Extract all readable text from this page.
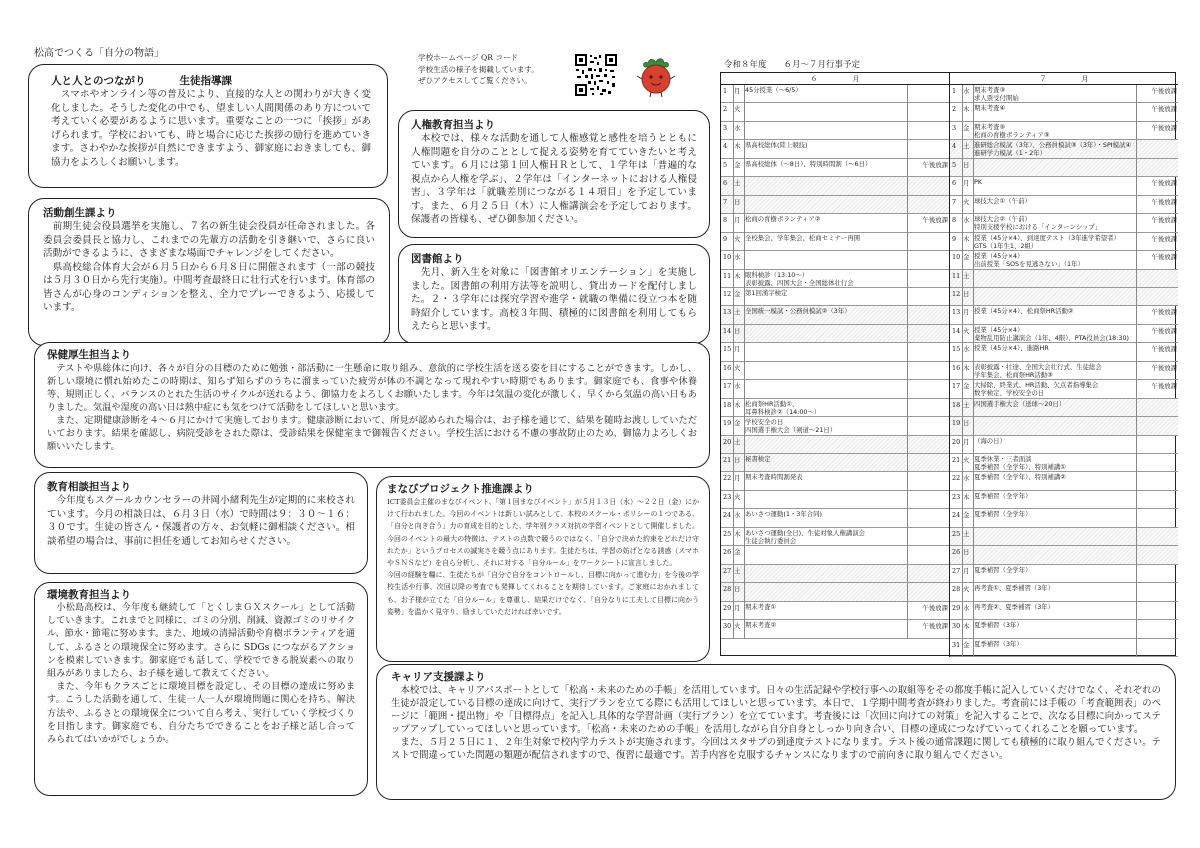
松高でつくる「自分の物語」	学校ホームページ QR コード
学校生活の様子を掲載しています。
ぜひアクセスしてご覧ください。
人と人とのつながり	生徒指導課
　スマホやオンライン等の普及により、直接的な人との関わりが大きく変化しました。そうした変化の中でも、望ましい人間関係のあり方について考えていく必要があるように思います。重要なことの一つに「挨拶」があげられます。学校においても、時と場合に応じた挨拶の励行を進めていきます。さわやかな挨拶が自然にできますよう、御家庭におきましても、御協力をよろしくお願いします。
活動創生課より
　前期生徒会役員選挙を実施し、７名の新生徒会役員が任命されました。各委員会委員長と協力し、これまでの先輩方の活動を引き継いで、さらに良い活動ができるように、さまざまな場面でチャレンジをしてください。
　県高校総合体育大会が６月５日から６月８日に開催されます（一部の競技は５月３０日から先行実施）。中間考査最終日に壮行式を行います。体育部の皆さんが心身のコンディションを整え、全力でプレーできるよう、応援しています。
人権教育担当より
　本校では、様々な活動を通して人権感覚と感性を培うとともに人権問題を自分のこととして捉える姿勢を育てていきたいと考えています。６月には第１回人権ＨＲとして、１学年は「普遍的な視点から人権を学ぶ」、２学年は「インターネットにおける人権侵害」、３学年は「就職差別につながる１４項目」を予定しています。また、６月２５日（木）に人権講演会を予定しております。保護者の皆様も、ぜひ御参加ください。
図書館より
　先月、新入生を対象に「図書館オリエンテーション」を実施しました。図書館の利用方法等を説明し、貸出カードを配付しました。２・３学年には探究学習や進学・就職の準備に役立つ本を随時紹介しています。高校３年間、積極的に図書館を利用してもらえたらと思います。
保健厚生担当より
　テストや県総体に向け、各々が自分の目標のために勉強・部活動に一生懸命に取り組み、意欲的に学校生活を送る姿を目にすることができます。しかし、新しい環境に慣れ始めたこの時期は、知らず知らずのうちに溜まっていた疲労が体の不調となって現れやすい時期でもあります。御家庭でも、食事や休養等、規則正しく、バランスのとれた生活のサイクルが送れるよう、御協力をよろしくお願いたします。今年は気温の変化が激しく、早くから気温の高い日もありました。気温や湿度の高い日は熱中症にも気をつけて活動をしてほしいと思います。
　また、定期健康診断を４～６月にかけて実施しております。健康診断において、所見が認められた場合は、お子様を通じて、結果を随時お渡ししていただいております。結果を確認し、病院受診をされた際は、受診結果を保健室まで御報告ください。学校生活における不慮の事故防止のため、御協力よろしくお願いいたします。
教育相談担当より
　今年度もスクールカウンセラーの井岡小緒利先生が定期的に来校されています。今月の相談日は、６月３日（水）で時間は９：３０～１６：３０です。生徒の皆さん・保護者の方々、お気軽に御相談ください。相談希望の場合は、事前に担任を通してお知らせください。
まなびプロジェクト推進課より
ICT委員会主催のまなびイベント、「第１回まなびイベント」が５月１３日（水）～２２日（金）にかけて行われました。今回のイベントは新しい試みとして、本校のスクール・ポリシーの１つである、「自分と向き合う」力の育成を目的とした、学年別クラス対抗の学習イベントとして開催しました。今回のイベントの最大の特徴は、テストの点数で競うのではなく、「自分で決めた約束をどれだけ守れたか」というプロセスの誠実さを競う点にあります。生徒たちは、学習の妨げとなる誘惑（スマホやＳＮＳなど）を自ら分析し、それに対する「自分ルール」をワークシートに宣言しました。
今回の経験を糧に、生徒たちが「自分で自分をコントロールし、目標に向かって進む力」を今後の学校生活や行事、次回以降の考査でも発揮してくれることを期待しています。ご家庭におかれましても、お子様が立てた「自分ルール」を尊重し、結果だけでなく、「自分なりに工夫して目標に向かう姿勢」を温かく見守り、励ましていただければ幸いです。
環境教育担当より
　小松島高校は、今年度も継続して「とくしまＧＸスクール」として活動していきます。これまでと同様に、ゴミの分別、削減、資源ゴミのリサイクル、節水・節電に努めます。また、地域の清掃活動や育樹ボランティアを通して、ふるさとの環境保全に努めます。さらに SDGs につながるアクションを模索していきます。御家庭でも話して、学校でできる脱炭素への取り組みがありましたら、お子様を通して教えてください。
　また、今年もクラスごとに環境目標を設定し、その目標の達成に努めます。こうした活動を通して、生徒一人一人が環境問題に関心を持ち、解決方法や、ふるさとの環境保全について自ら考え、実行していく学校づくりを目指します。御家庭でも、自分たちでできることをお子様と話し合ってみられてはいかがでしょうか。
キャリア支援課より
　本校では、キャリアパスポートとして「松高・未来のための手帳」を活用しています。日々の生活記録や学校行事への取組等をその都度手帳に記入していくだけでなく、それぞれの生徒が設定している目標の達成に向けて、実行プランを立てる際にも活用してほしいと思っています。本日で、１学期中間考査が終わりました。考査前には手帳の「考査範囲表」のページに「範囲・提出物」や「目標得点」を記入し具体的な学習計画（実行プラン）を立てています。考査後には「次回に向けての対策」を記入することで、次なる目標に向かってステップアップしていってほしいと思っています。「松高・未来のための手帳」を活用しながら自分自身としっかり向き合い、目標の達成につなげていってくれることを願っています。
　また、５月２５日に１、２年生対象で校内学力テストが実施されます。今回はスタサプの到達度テストになります。テスト後の通常課題に関しても積極的に取り組んでください。テストで間違っていた問題の類題が配信されますので、復習に最適です。苦手内容を克服するチャンスになりますので前向きに取り組んでください。
令和８年度　　６月～７月行事予定
６　　　　　月
1	月 45分授業（～6/5）
2	火
3	水
4	木 県高校総体(陸上競技)
5	金 県高校総体（～8日）、特別時間割（～6日）	午後放課
6	土
7	日
8	月 松商の育樹ボランティア②	午後放課
9	火 全校集会、学年集会、松商セミナー再開
10 水
11 木 眼科検診（13:10～）
表彰披露、四国大会・全国総体壮行会
12 金 第1回漢字検定
13 土 全国統一模試・公務員模試②（3年）
14 日
15 月
16 火
17 水
18 木 松商祭HR活動①、
耳鼻科検診②（14:00～）
19 金 学校安全の日
四国選手権大会（剣道～21日）
20 土
21 日 秘書検定
22 月 期末考査時間割発表
23 火
24 水 あいさつ運動(1・3年合同)
25 木 あいさつ運動(全日)、生徒対象人権講演会
生徒会執行委員会
26 金
27 土
28 日
29 月 期末考査①	午後放課
30 火 期末考査②	午後放課
７　　　　　月
1	水 期末考査③
求人票受付開始
午後放課
2	木 期末考査④	午後放課
3	金 期末考査⑤
松商の育樹ボランティア③
午後放課
4	土 進研総合模試（3年）、公務員模試③（3年）・SPI模試④
進研学力模試（1・2年）
5	日
6	月 PK	午後放課
7	火 球技大会①（午前）	午後放課
8	水 球技大会②（午前）
特別支援学校における「インターンシップ」
午後放課
9	木 授業（45分×4）、到達度テスト（3年進学希望者）
GTS（1年生1、2組）
午後放課
10 金 授業（45分×4）
出前授業「SOSを見逃さない」（1年）
午後放課
11 土
12 日
13 月 授業（45分×4）、松商祭HR活動②	午後放課
14 火 授業（45分×4）
薬物乱用防止講演会（1年、4限）、PTA役員会(18:30)
午後放課
15 水 授業（45分×4）、進路HR	午後放課
16 木 表彰披露・壮途、全国大会壮行式、生徒総会
学年集会、松商祭HR活動③
午後放課
17 金 大掃除、終業式、HR活動、欠点者指導集会
数学検定、学校安全の日
午後放課
18 土 四国選手権大会（送球～20日）
19 日
20 月 （海の日）
21 火 夏季休業・三者面談
夏季補習（全学年）、特別補講①
22 水 夏季補習（全学年）、特別補講②
23 木 夏季補習（全学年）
24 金 夏季補習（全学年）
25 土
26 日
27 月 夏季補習（全学年）
28 火 再考査①、夏季補習（3年）
29 水 再考査②、夏季補習（3年）
30 木 夏季補習（3年）
31 金 夏季補習（3年）
